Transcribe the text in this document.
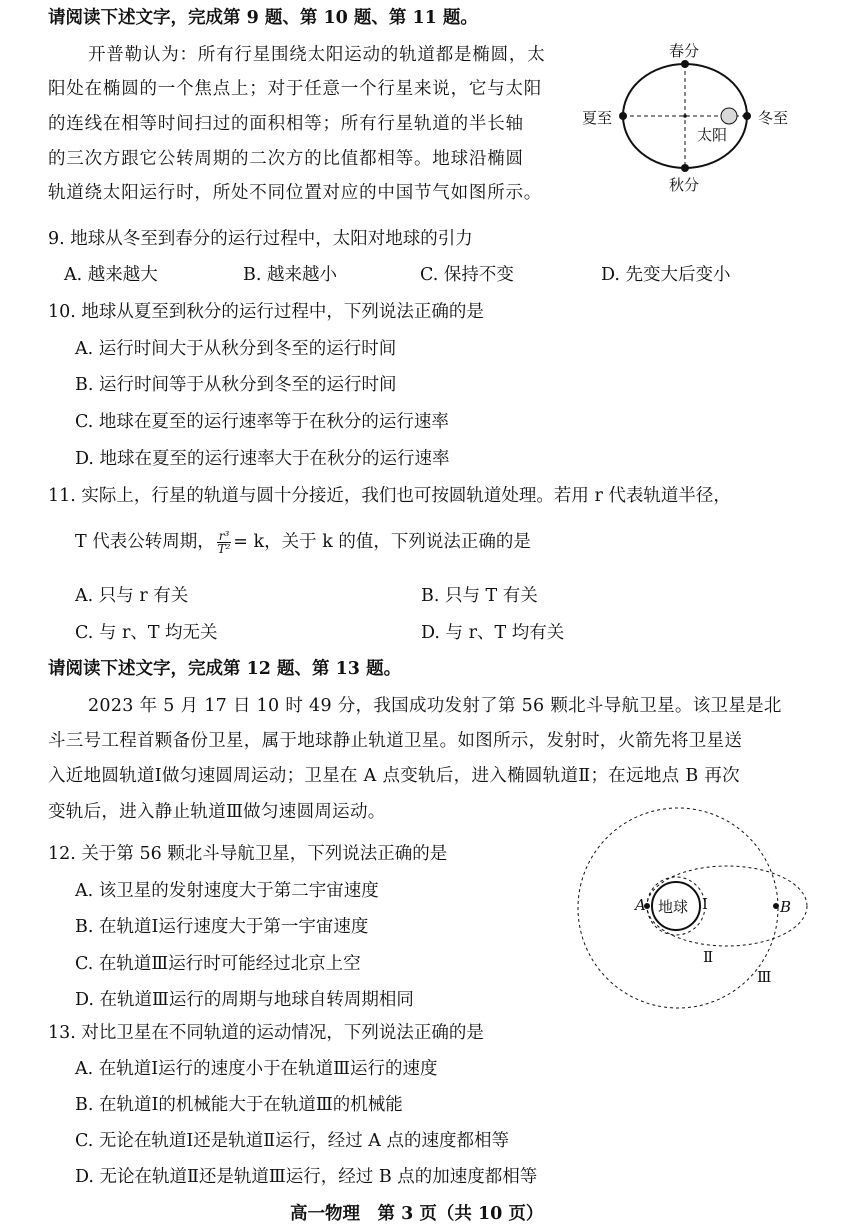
请阅读下述文字，完成第 9 题、第 10 题、第 11 题。
开普勒认为：所有行星围绕太阳运动的轨道都是椭圆，太
阳处在椭圆的一个焦点上；对于任意一个行星来说，它与太阳
的连线在相等时间扫过的面积相等；所有行星轨道的半长轴
的三次方跟它公转周期的二次方的比值都相等。地球沿椭圆
轨道绕太阳运行时，所处不同位置对应的中国节气如图所示。
春分
秋分
夏至	冬至
太阳
9. 地球从冬至到春分的运行过程中，太阳对地球的引力
A. 越来越大	B. 越来越小	C. 保持不变	D. 先变大后变小
10. 地球从夏至到秋分的运行过程中，下列说法正确的是
A. 运行时间大于从秋分到冬至的运行时间
B. 运行时间等于从秋分到冬至的运行时间
C. 地球在夏至的运行速率等于在秋分的运行速率
D. 地球在夏至的运行速率大于在秋分的运行速率
11. 实际上，行星的轨道与圆十分接近，我们也可按圆轨道处理。若用 r 代表轨道半径，
T 代表公转周期， $\frac{\text{r³}}{\text{T²}} = k$，关于 k 的值，下列说法正确的是
A. 只与 r 有关	B. 只与 T 有关
C. 与 r、T 均无关	D. 与 r、T 均有关
请阅读下述文字，完成第 12 题、第 13 题。
2023 年 5 月 17 日 10 时 49 分，我国成功发射了第 56 颗北斗导航卫星。该卫星是北
斗三号工程首颗备份卫星，属于地球静止轨道卫星。如图所示，发射时，火箭先将卫星送
入近地圆轨道Ⅰ做匀速圆周运动；卫星在 A 点变轨后，进入椭圆轨道Ⅱ；在远地点 B 再次
变轨后，进入静止轨道Ⅲ做匀速圆周运动。
地球
A	B
Ⅰ
Ⅱ
Ⅲ
12. 关于第 56 颗北斗导航卫星，下列说法正确的是
A. 该卫星的发射速度大于第二宇宙速度
B. 在轨道Ⅰ运行速度大于第一宇宙速度
C. 在轨道Ⅲ运行时可能经过北京上空
D. 在轨道Ⅲ运行的周期与地球自转周期相同
13. 对比卫星在不同轨道的运动情况，下列说法正确的是
A. 在轨道Ⅰ运行的速度小于在轨道Ⅲ运行的速度
B. 在轨道Ⅰ的机械能大于在轨道Ⅲ的机械能
C. 无论在轨道Ⅰ还是轨道Ⅱ运行，经过 A 点的速度都相等
D. 无论在轨道Ⅱ还是轨道Ⅲ运行，经过 B 点的加速度都相等
高一物理　第 3 页（共 10 页）
